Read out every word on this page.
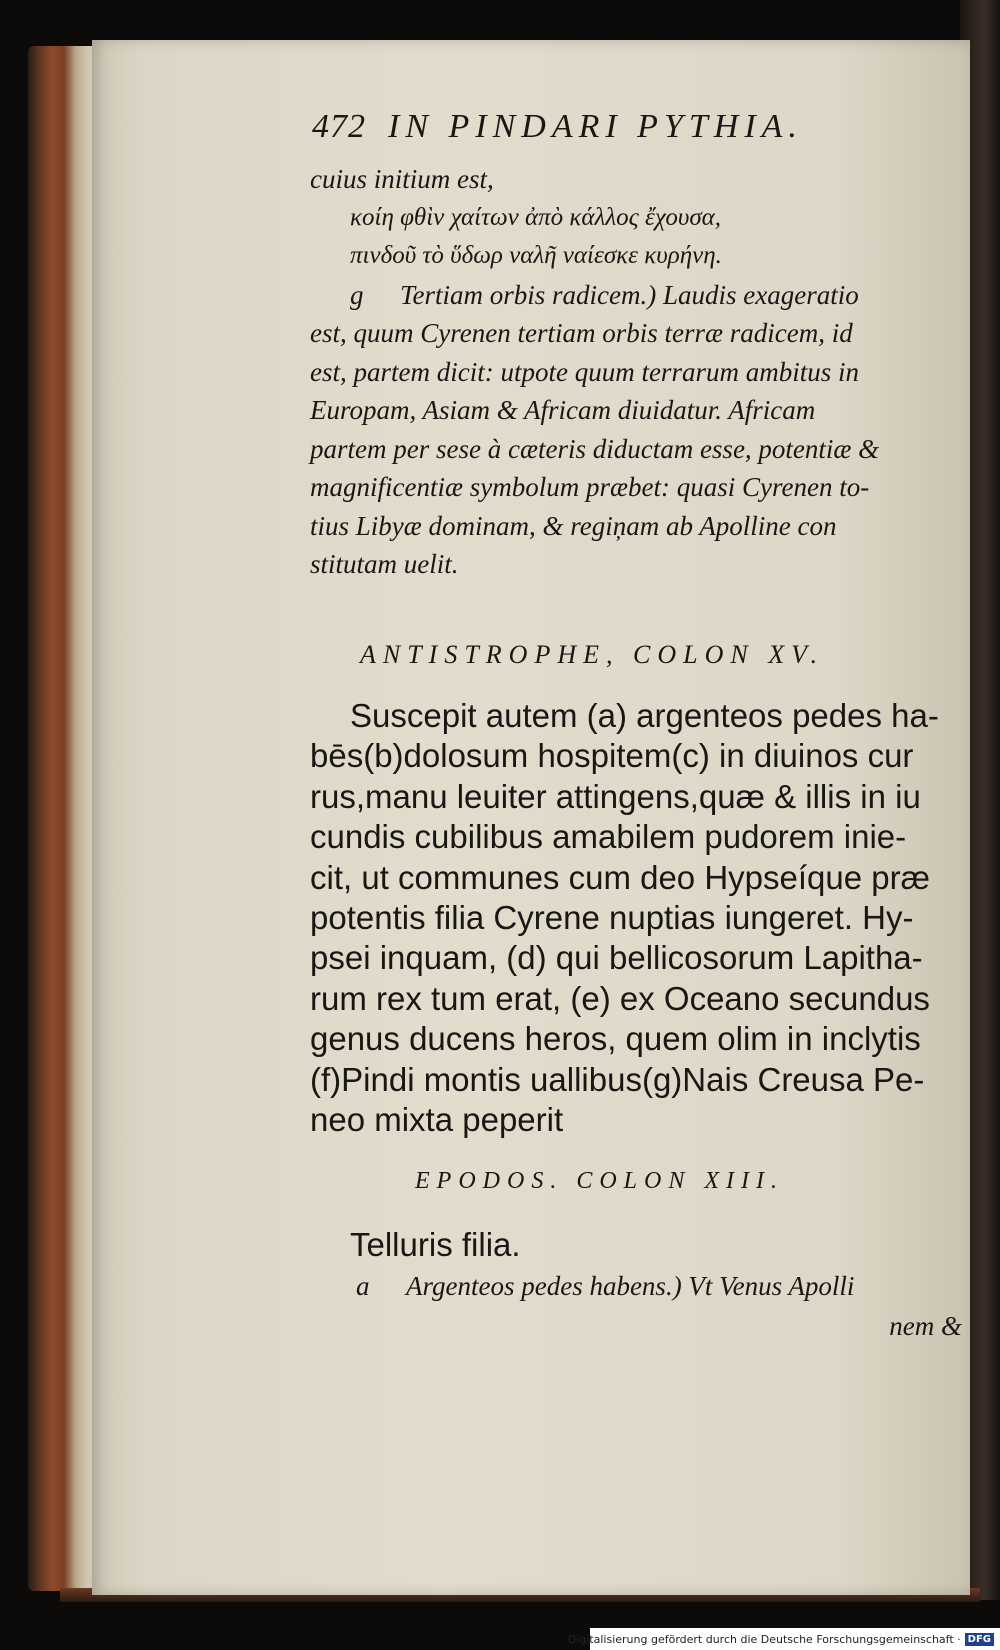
472 IN PINDARI PYTHIA.
cuius initium est,
κοίη φθὶν χαίτων ἀπὸ κάλλος ἔχουσα,
πινδοῦ τὸ ὕδωρ ναλῆ ναίεσκε κυρήνη.
g Tertiam orbis radicem.) Laudis exageratio
est, quum Cyrenen tertiam orbis terræ radicem, id
est, partem dicit: utpote quum terrarum ambitus in
Europam, Asiam & Africam diuidatur. Africam
partem per sese à cæteris diductam esse, potentiæ &
magnificentiæ symbolum præbet: quasi Cyrenen to-
tius Libyæ dominam, & regiņam ab Apolline con
stitutam uelit.
ANTISTROPHE, COLON XV.
Suscepit autem (a) argenteos pedes ha-
bēs(b)dolosum hospitem(c) in diuinos cur
rus,manu leuiter attingens,quæ & illis in iu
cundis cubilibus amabilem pudorem inie-
cit, ut communes cum deo Hypseíque præ
potentis filia Cyrene nuptias iungeret. Hy-
psei inquam, (d) qui bellicosorum Lapitha-
rum rex tum erat, (e) ex Oceano secundus
genus ducens heros, quem olim in inclytis
(f)Pindi montis uallibus(g)Nais Creusa Pe-
neo mixta peperit
EPODOS. COLON XIII.
Telluris filia.
a Argenteos pedes habens.) Vt Venus Apolli
nem &
Digitalisierung gefördert durch die Deutsche Forschungsgemeinschaft · DFG
